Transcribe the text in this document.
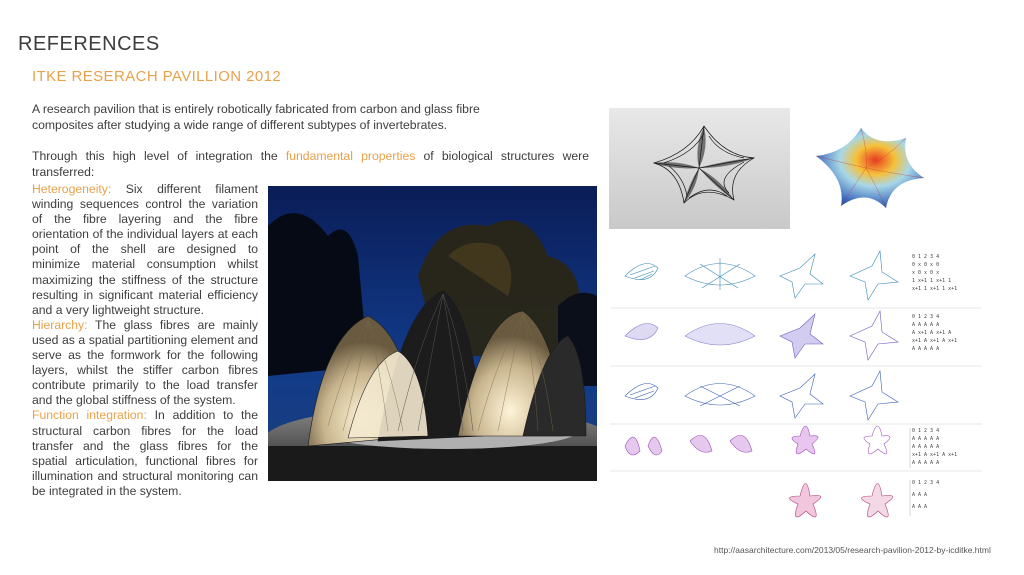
REFERENCES
ITKE RESERACH PAVILLION 2012
A research pavilion that is entirely robotically fabricated from carbon and glass fibre composites after studying a wide range of different subtypes of invertebrates.
Through this high level of integration the fundamental properties of biological structures were transferred:

Heterogeneity: Six different filament winding sequences control the variation of the fibre layering and the fibre orientation of the individual layers at each point of the shell are designed to minimize material consumption whilst maximizing the stiffness of the structure resulting in significant material efficiency and a very lightweight structure.

Hierarchy: The glass fibres are mainly used as a spatial partitioning element and serve as the formwork for the following layers, whilst the stiffer carbon fibres contribute primarily to the load transfer and the global stiffness of the system.

Function integration: In addition to the structural carbon fibres for the load transfer and the glass fibres for the spatial articulation, functional fibres for illumination and structural monitoring can be integrated in the system.

0 1 2 3 4
0 x 0 x 0
x 0 x 0 x
1 x+1 1 x+1 1
x+1 1 x+1 1 x+1
0 1 2 3 4
A A A A A
A x+1 A x+1 A
x+1 A x+1 A x+1
A A A A A
0 1 2 3 4
A A A A A
A A A A A
x+1 A x+1 A x+1
A A A A A
0 1 2 3 4
A A A
A A A
http://aasarchitecture.com/2013/05/research-pavilion-2012-by-icditke.html
